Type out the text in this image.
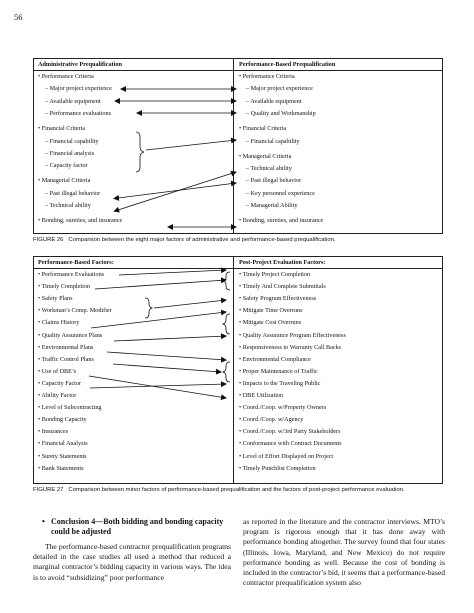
56
Administrative Prequalification	Performance-Based Prequalification
• Performance Criteria
– Major project experience
– Available equipment
– Performance evaluations
• Financial Criteria
– Financial capability
– Financial analysis
– Capacity factor
• Managerial Criteria
– Past illegal behavior
– Technical ability
• Bonding, sureties, and insurance
• Performance Criteria
– Major project experience
– Available equipment
– Quality and Workmanship
• Financial Criteria
– Financial capability
• Managerial Criteria
– Technical ability
– Past illegal behavior
– Key personnel experience
– Managerial Ability
• Bonding, sureties, and insurance
FIGURE 26 Comparison between the eight major factors of administrative and performance-based prequalification.
Performance-Based Factors:	Post-Project Evaluation Factors:
• Performance Evaluations
• Timely Completion
• Safety Plans
• Workman’s Comp. Modifier
• Claims History
• Quality Assurance Plans
• Environmental Plans
• Traffic Control Plans
• Use of DBE’s
• Capacity Factor
• Ability Factor
• Level of Subcontracting
• Bonding Capacity
• Insurances
• Financial Analysis
• Surety Statements
• Bank Statements
• Timely Project Completion
• Timely And Complete Submittals
• Safety Program Effectiveness
• Mitigate Time Overruns
• Mitigate Cost Overruns
• Quality Assurance Program Effectiveness
• Responsiveness to Warranty Call Backs
• Environmental Compliance
• Proper Maintenance of Traffic
• Impacts to the Traveling Public
• DBE Utilization
• Coord./Coop. w/Property Owners
• Coord./Coop. w/Agency
• Coord./Coop. w/3rd Party Stakeholders
• Conformance with Contract Documents
• Level of Effort Displayed on Project
• Timely Punchlist Completion
FIGURE 27 Comparison between minor factors of performance-based prequalification and the factors of post-project performance evaluation.
• Conclusion 4—Both bidding and bonding capacity could be adjusted
The performance-based contractor prequalification programs detailed in the case studies all used a method that reduced a marginal contractor’s bidding capacity in various ways. The idea is to avoid “subsidizing” poor performance
as reported in the literature and the contractor interviews. MTO’s program is rigorous enough that it has done away with performance bonding altogether. The survey found that four states (Illinois, Iowa, Maryland, and New Mexico) do not require performance bonding as well. Because the cost of bonding is included in the contractor’s bid, it seems that a performance-based contractor prequalification system also
